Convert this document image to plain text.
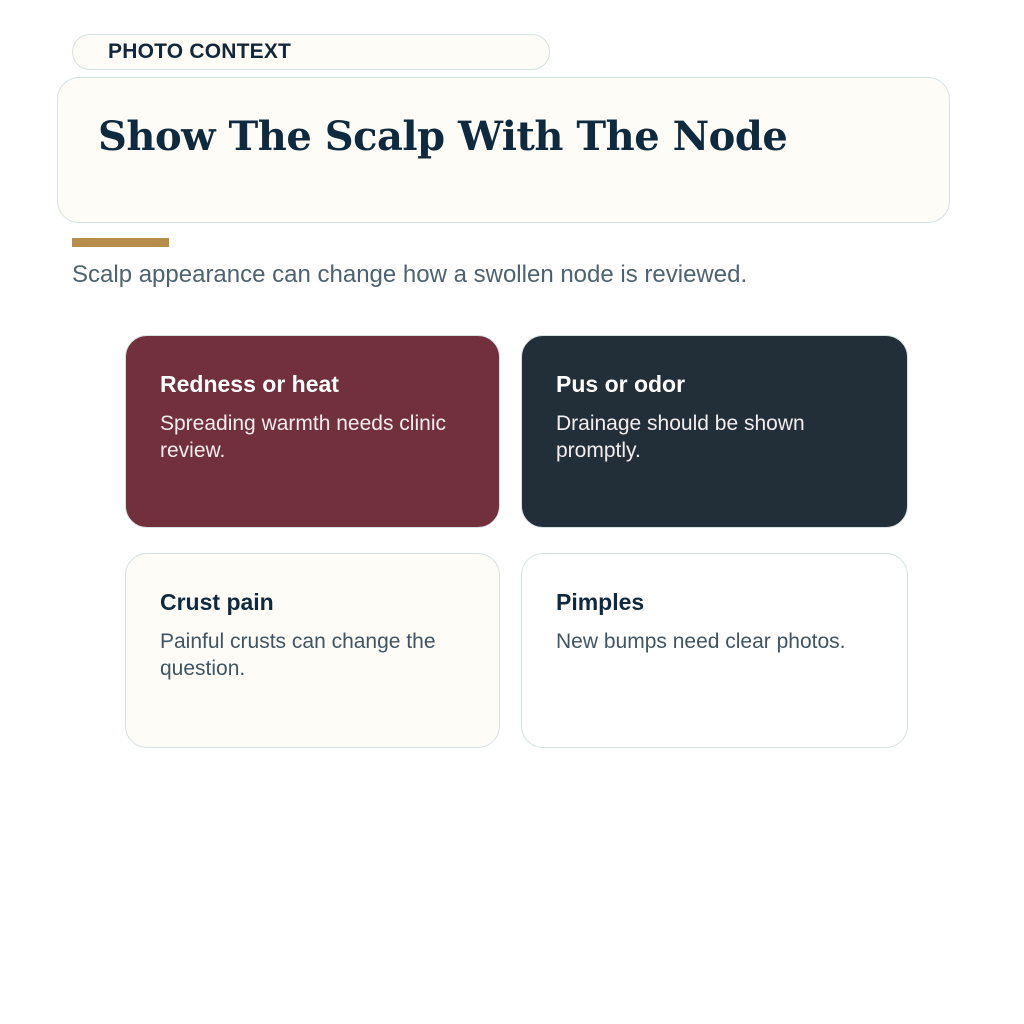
PHOTO CONTEXT
Show The Scalp With The Node

Scalp appearance can change how a swollen node is reviewed.

Redness or heat

Spreading warmth needs clinic review.

Pus or odor

Drainage should be shown promptly.

Crust pain

Painful crusts can change the question.

Pimples

New bumps need clear photos.
